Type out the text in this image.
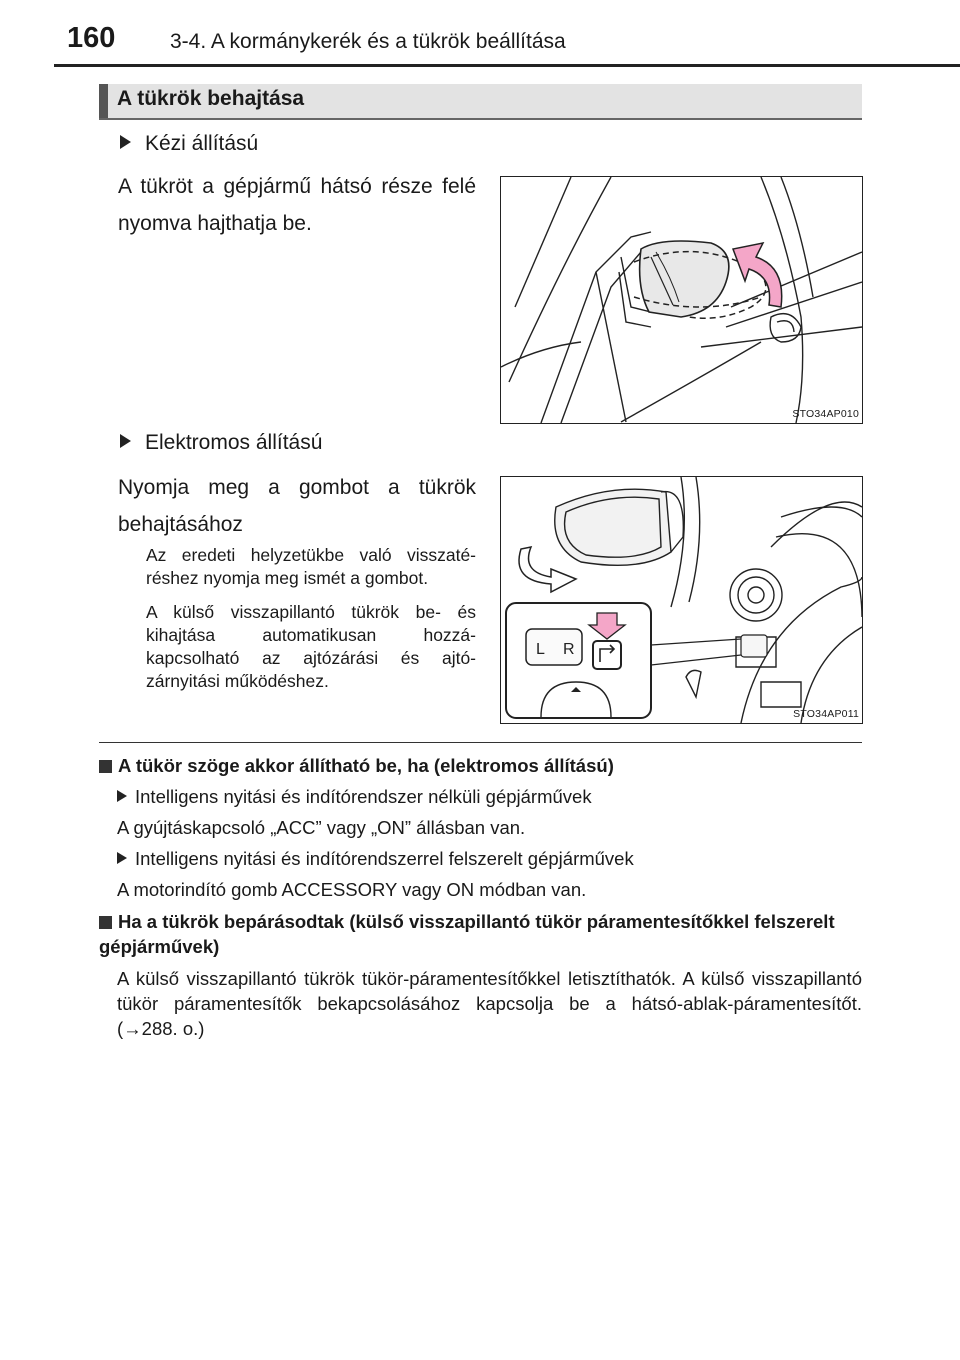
160	3-4. A kormánykerék és a tükrök beállítása
A tükrök behajtása
Kézi állítású
A tükröt a gépjármű hátsó része felé nyomva hajthatja be.
STO34AP010
Elektromos állítású
Nyomja meg a gombot a tükrök behajtásához
Az eredeti helyzetükbe való visszaté-réshez nyomja meg ismét a gombot.
A külső visszapillantó tükrök be- és kihajtása automatikusan hozzá-kapcsolható az ajtózárási és ajtó-zárnyitási működéshez.
L R
STO34AP011
A tükör szöge akkor állítható be, ha (elektromos állítású)
Intelligens nyitási és indítórendszer nélküli gépjárművek
A gyújtáskapcsoló „ACC” vagy „ON” állásban van.
Intelligens nyitási és indítórendszerrel felszerelt gépjárművek
A motorindító gomb ACCESSORY vagy ON módban van.
Ha a tükrök bepárásodtak (külső visszapillantó tükör páramentesítőkkel felszerelt gépjárművek)
A külső visszapillantó tükrök tükör-páramentesítőkkel letisztíthatók. A külső visszapillantó tükör páramentesítők bekapcsolásához kapcsolja be a hátsó-ablak-páramentesítőt. (→288. o.)
